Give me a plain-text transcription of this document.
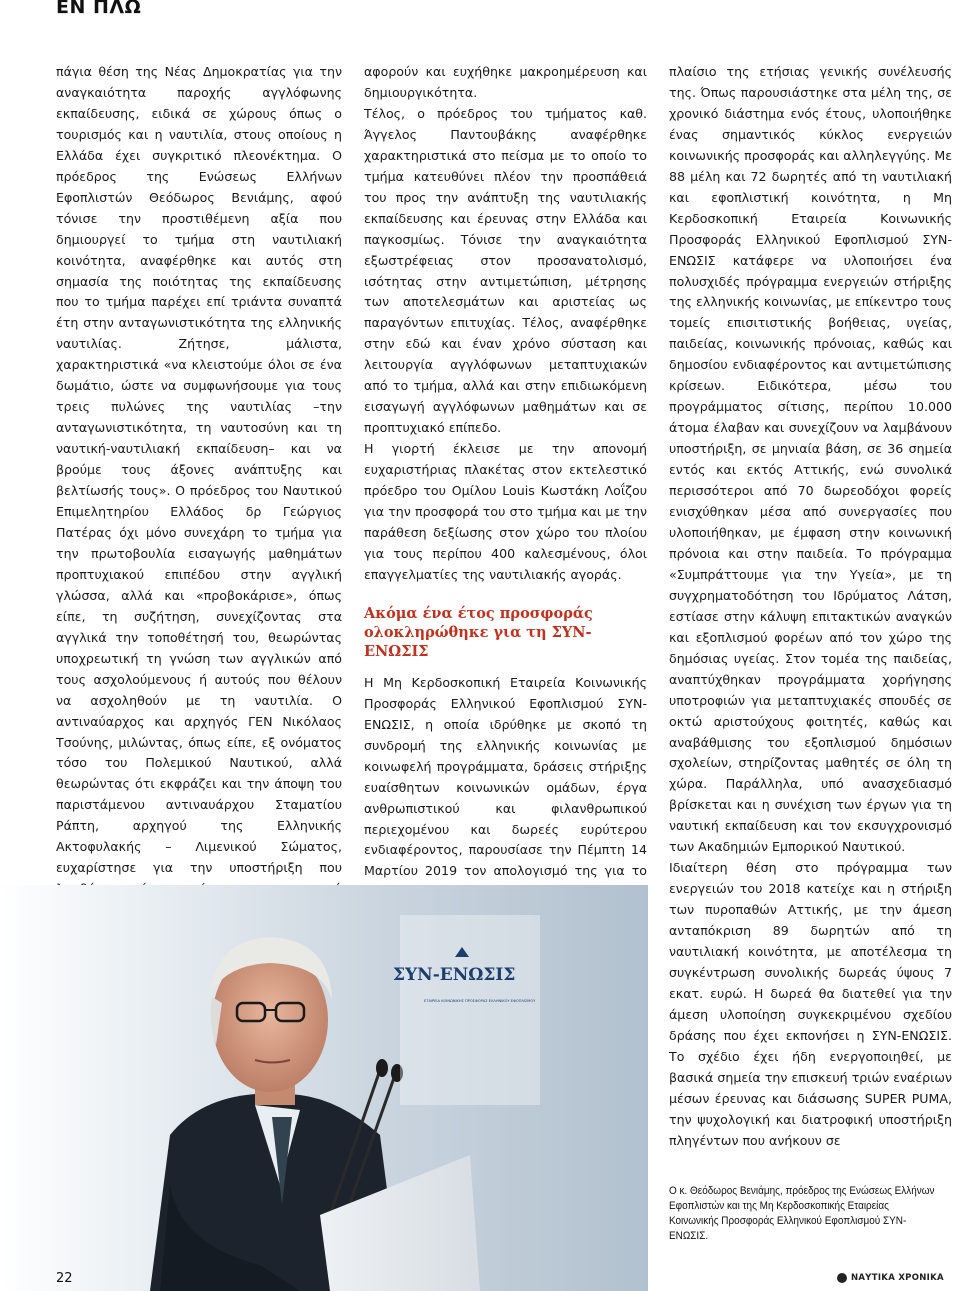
ΕΝ ΠΛΩ

πάγια θέση της Νέας Δημοκρατίας για την αναγκαιότητα παροχής αγγλόφωνης εκπαίδευσης, ειδικά σε χώρους όπως ο τουρισμός και η ναυτιλία, στους οποίους η Ελλάδα έχει συγκριτικό πλεονέκτημα. Ο πρόεδρος της Ενώσεως Ελλήνων Εφοπλιστών Θεόδωρος Βενιάμης, αφού τόνισε την προστιθέμενη αξία που δημιουργεί το τμήμα στη ναυτιλιακή κοινότητα, αναφέρθηκε και αυτός στη σημασία της ποιότητας της εκπαίδευσης που το τμήμα παρέχει επί τριάντα συναπτά έτη στην ανταγωνιστικότητα της ελληνικής ναυτιλίας. Ζήτησε, μάλιστα, χαρακτηριστικά «να κλειστούμε όλοι σε ένα δωμάτιο, ώστε να συμφωνήσουμε για τους τρεις πυλώνες της ναυτιλίας –την ανταγωνιστικότητα, τη ναυτοσύνη και τη ναυτική-ναυτιλιακή εκπαίδευση– και να βρούμε τους άξονες ανάπτυξης και βελτίωσής τους». Ο πρόεδρος του Ναυτικού Επιμελητηρίου Ελλάδος δρ Γεώργιος Πατέρας όχι μόνο συνεχάρη το τμήμα για την πρωτοβουλία εισαγωγής μαθημάτων προπτυχιακού επιπέδου στην αγγλική γλώσσα, αλλά και «προβοκάρισε», όπως είπε, τη συζήτηση, συνεχίζοντας στα αγγλικά την τοποθέτησή του, θεωρώντας υποχρεωτική τη γνώση των αγγλικών από τους ασχολούμενους ή αυτούς που θέλουν να ασχοληθούν με τη ναυτιλία. Ο αντιναύαρχος και αρχηγός ΓΕΝ Νικόλαος Τσούνης, μιλώντας, όπως είπε, εξ ονόματος τόσο του Πολεμικού Ναυτικού, αλλά θεωρώντας ότι εκφράζει και την άποψη του παριστάμενου αντιναυάρχου Σταματίου Ράπτη, αρχηγού της Ελληνικής Ακτοφυλακής – Λιμενικού Σώματος, ευχαρίστησε για την υποστήριξη που

αφορούν και ευχήθηκε μακροημέρευση και δημιουργικότητα.

Τέλος, ο πρόεδρος του τμήματος καθ. Άγγελος Παντουβάκης αναφέρθηκε χαρακτηριστικά στο πείσμα με το οποίο το τμήμα κατευθύνει πλέον την προσπάθειά του προς την ανάπτυξη της ναυτιλιακής εκπαίδευσης και έρευνας στην Ελλάδα και παγκοσμίως. Τόνισε την αναγκαιότητα εξωστρέφειας στον προσανατολισμό, ισότητας στην αντιμετώπιση, μέτρησης των αποτελεσμάτων και αριστείας ως παραγόντων επιτυχίας. Τέλος, αναφέρθηκε στην εδώ και έναν χρόνο σύσταση και λειτουργία αγγλόφωνων μεταπτυχιακών από το τμήμα, αλλά και στην επιδιωκόμενη εισαγωγή αγγλόφωνων μαθημάτων και σε προπτυχιακό επίπεδο.

Η γιορτή έκλεισε με την απονομή ευχαριστήριας πλακέτας στον εκτελεστικό πρόεδρο του Ομίλου Louis Κωστάκη Λοΐζου για την προσφορά του στο τμήμα και με την παράθεση δεξίωσης στον χώρο του πλοίου για τους περίπου 400 καλεσμένους, όλοι επαγγελματίες της ναυτιλιακής αγοράς.

Ακόμα ένα έτος προσφοράς ολοκληρώθηκε για τη ΣΥΝ-ΕΝΩΣΙΣ

Η Μη Κερδοσκοπική Εταιρεία Κοινωνικής Προσφοράς Ελληνικού Εφοπλισμού ΣΥΝ-ΕΝΩΣΙΣ, η οποία ιδρύθηκε με σκοπό τη συνδρομή της ελληνικής κοινωνίας με κοινωφελή προγράμματα, δράσεις στήριξης ευαίσθητων κοινωνικών ομάδων, έργα ανθρωπιστικού και φιλανθρωπικού περιεχομένου και δωρεές ευρύτερου ενδιαφέροντος, παρουσίασε την Πέμπτη 14 Μαρτίου 2019 τον απολογισμό της για το

πλαίσιο της ετήσιας γενικής συνέλευσής της. Όπως παρουσιάστηκε στα μέλη της, σε χρονικό διάστημα ενός έτους, υλοποιήθηκε ένας σημαντικός κύκλος ενεργειών κοινωνικής προσφοράς και αλληλεγγύης. Με 88 μέλη και 72 δωρητές από τη ναυτιλιακή και εφοπλιστική κοινότητα, η Μη Κερδοσκοπική Εταιρεία Κοινωνικής Προσφοράς Ελληνικού Εφοπλισμού ΣΥΝ-ΕΝΩΣΙΣ κατάφερε να υλοποιήσει ένα πολυσχιδές πρόγραμμα ενεργειών στήριξης της ελληνικής κοινωνίας, με επίκεντρο τους τομείς επισιτιστικής βοήθειας, υγείας, παιδείας, κοινωνικής πρόνοιας, καθώς και δημοσίου ενδιαφέροντος και αντιμετώπισης κρίσεων. Ειδικότερα, μέσω του προγράμματος σίτισης, περίπου 10.000 άτομα έλαβαν και συνεχίζουν να λαμβάνουν υποστήριξη, σε μηνιαία βάση, σε 36 σημεία εντός και εκτός Αττικής, ενώ συνολικά περισσότεροι από 70 δωρεοδόχοι φορείς ενισχύθηκαν μέσα από συνεργασίες που υλοποιήθηκαν, με έμφαση στην κοινωνική πρόνοια και στην παιδεία. Το πρόγραμμα «Συμπράττουμε για την Υγεία», με τη συγχρηματοδότηση του Ιδρύματος Λάτση, εστίασε στην κάλυψη επιτακτικών αναγκών και εξοπλισμού φορέων από τον χώρο της δημόσιας υγείας. Στον τομέα της παιδείας, αναπτύχθηκαν προγράμματα χορήγησης υποτροφιών για μεταπτυχιακές σπουδές σε οκτώ αριστούχους φοιτητές, καθώς και αναβάθμισης του εξοπλισμού δημόσιων σχολείων, στηρίζοντας μαθητές σε όλη τη χώρα. Παράλληλα, υπό ανασχεδιασμό βρίσκεται και η συνέχιση των έργων για τη ναυτική εκπαίδευση και τον εκσυγχρονισμό των Ακαδημιών Εμπορικού Ναυτικού.

Ιδιαίτερη θέση στο πρόγραμμα των ενεργειών του 2018 κατείχε και η στήριξη των πυροπαθών Αττικής, με την άμεση ανταπόκριση 89 δωρητών από τη ναυτιλιακή κοινότητα, με αποτέλεσμα τη συγκέντρωση συνολικής δωρεάς ύψους 7 εκατ. ευρώ. Η δωρεά θα διατεθεί για την άμεση υλοποίηση συγκεκριμένου σχεδίου δράσης που έχει εκπονήσει η ΣΥΝ-ΕΝΩΣΙΣ. Το σχέδιο έχει ήδη ενεργοποιηθεί, με βασικά σημεία την επισκευή τριών εναέριων μέσων έρευνας και διάσωσης SUPER PUMA, την ψυχολογική και διατροφική υποστήριξη πληγέντων που ανήκουν σε

ΣΥΝ-ΕΝΩΣΙΣ
ΕΤΑΙΡΕΙΑ ΚΟΙΝΩΝΙΚΗΣ ΠΡΟΣΦΟΡΑΣ ΕΛΛΗΝΙΚΟΥ ΕΦΟΠΛΙΣΜΟΥ
Ο κ. Θεόδωρος Βενιάμης, πρόεδρος της Ενώσεως Ελλήνων Εφοπλιστών και της Μη Κερδοσκοπικής Εταιρείας Κοινωνικής Προσφοράς Ελληνικού Εφοπλισμού ΣΥΝ-ΕΝΩΣΙΣ.
22	ΝΑΥΤΙΚΑ ΧΡΟΝΙΚΑ
